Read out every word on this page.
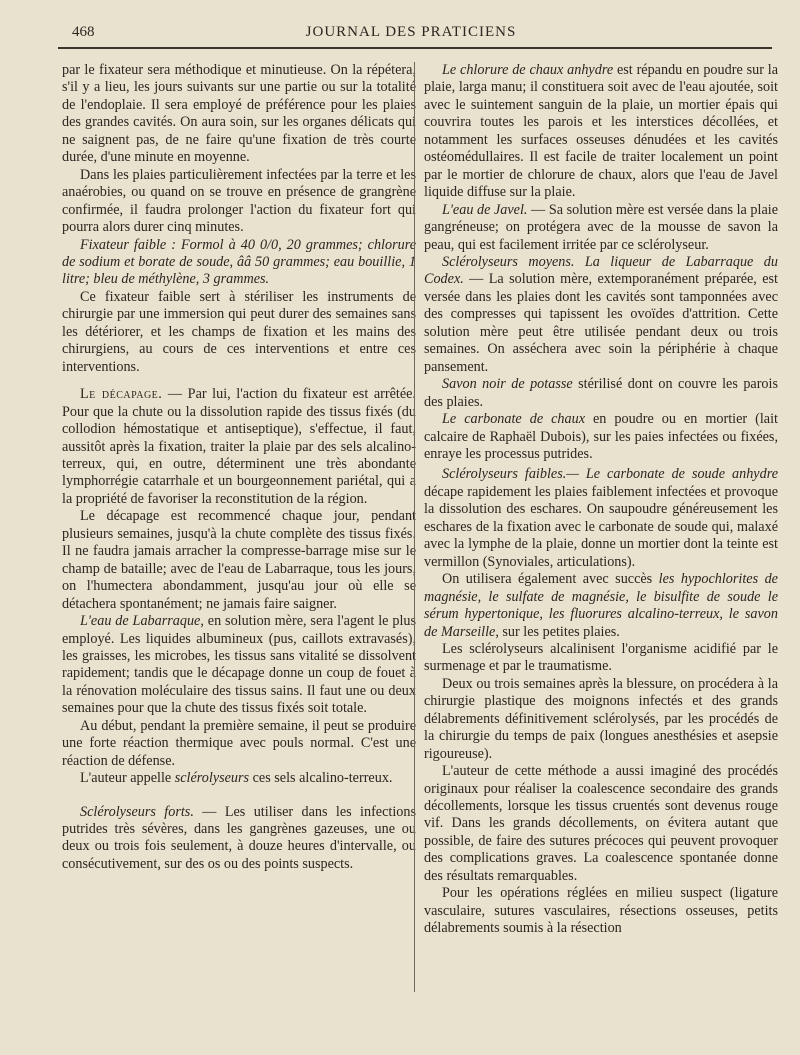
468	JOURNAL DES PRATICIENS

par le fixateur sera méthodique et minutieuse. On la répétera, s'il y a lieu, les jours suivants sur une partie ou sur la totalité de l'endoplaie. Il sera employé de préférence pour les plaies des grandes cavités. On aura soin, sur les organes délicats qui ne saignent pas, de ne faire qu'une fixation de très courte durée, d'une minute en moyenne.

Dans les plaies particulièrement infectées par la terre et les anaérobies, ou quand on se trouve en présence de grangrène confirmée, il faudra prolonger l'action du fixateur fort qui pourra alors durer cinq minutes.

Fixateur faible : Formol à 40 0/0, 20 grammes; chlorure de sodium et borate de soude, ââ 50 grammes; eau bouillie, 1 litre; bleu de méthylène, 3 grammes.

Ce fixateur faible sert à stériliser les instruments de chirurgie par une immersion qui peut durer des semaines sans les détériorer, et les champs de fixation et les mains des chirurgiens, au cours de ces interventions et entre ces interventions.

Le décapage. — Par lui, l'action du fixateur est arrêtée. Pour que la chute ou la dissolution rapide des tissus fixés (du collodion hémostatique et antiseptique), s'effectue, il faut, aussitôt après la fixation, traiter la plaie par des sels alcalino-terreux, qui, en outre, déterminent une très abondante lymphorrégie catarrhale et un bourgeonnement pariétal, qui a la propriété de favoriser la reconstitution de la région.

Le décapage est recommencé chaque jour, pendant plusieurs semaines, jusqu'à la chute complète des tissus fixés. Il ne faudra jamais arracher la compresse-barrage mise sur le champ de bataille; avec de l'eau de Labarraque, tous les jours, on l'humectera abondamment, jusqu'au jour où elle se détachera spontanément; ne jamais faire saigner.

L'eau de Labarraque, en solution mère, sera l'agent le plus employé. Les liquides albumineux (pus, caillots extravasés), les graisses, les microbes, les tissus sans vitalité se dissolvent rapidement; tandis que le décapage donne un coup de fouet à la rénovation moléculaire des tissus sains. Il faut une ou deux semaines pour que la chute des tissus fixés soit totale.

Au début, pendant la première semaine, il peut se produire une forte réaction thermique avec pouls normal. C'est une réaction de défense.

L'auteur appelle sclérolyseurs ces sels alcalino-terreux.

Sclérolyseurs forts. — Les utiliser dans les infections putrides très sévères, dans les gangrènes gazeuses, une ou deux ou trois fois seulement, à douze heures d'intervalle, ou consécutivement, sur des os ou des points suspects.

Le chlorure de chaux anhydre est répandu en poudre sur la plaie, larga manu; il constituera soit avec de l'eau ajoutée, soit avec le suintement sanguin de la plaie, un mortier épais qui couvrira toutes les parois et les interstices décollées, et notamment les surfaces osseuses dénudées et les cavités ostéomédullaires. Il est facile de traiter localement un point par le mortier de chlorure de chaux, alors que l'eau de Javel liquide diffuse sur la plaie.

L'eau de Javel. — Sa solution mère est versée dans la plaie gangréneuse; on protégera avec de la mousse de savon la peau, qui est facilement irritée par ce sclérolyseur.

Sclérolyseurs moyens. La liqueur de Labarraque du Codex. — La solution mère, extemporanément préparée, est versée dans les plaies dont les cavités sont tamponnées avec des compresses qui tapissent les ovoïdes d'attrition. Cette solution mère peut être utilisée pendant deux ou trois semaines. On asséchera avec soin la périphérie à chaque pansement.

Savon noir de potasse stérilisé dont on couvre les parois des plaies.

Le carbonate de chaux en poudre ou en mortier (lait calcaire de Raphaël Dubois), sur les paies infectées ou fixées, enraye les processus putrides.

Sclérolyseurs faibles.— Le carbonate de soude anhydre décape rapidement les plaies faiblement infectées et provoque la dissolution des eschares. On saupoudre généreusement les eschares de la fixation avec le carbonate de soude qui, malaxé avec la lymphe de la plaie, donne un mortier dont la teinte est vermillon (Synoviales, articulations).

On utilisera également avec succès les hypochlorites de magnésie, le sulfate de magnésie, le bisulfite de soude le sérum hypertonique, les fluorures alcalino-terreux, le savon de Marseille, sur les petites plaies.

Les sclérolyseurs alcalinisent l'organisme acidifié par le surmenage et par le traumatisme.

Deux ou trois semaines après la blessure, on procédera à la chirurgie plastique des moignons infectés et des grands délabrements définitivement sclérolysés, par les procédés de la chirurgie du temps de paix (longues anesthésies et asepsie rigoureuse).

L'auteur de cette méthode a aussi imaginé des procédés originaux pour réaliser la coalescence secondaire des grands décollements, lorsque les tissus cruentés sont devenus rouge vif. Dans les grands décollements, on évitera autant que possible, de faire des sutures précoces qui peuvent provoquer des complications graves. La coalescence spontanée donne des résultats remarquables.

Pour les opérations réglées en milieu suspect (ligature vasculaire, sutures vasculaires, résections osseuses, petits délabrements soumis à la résection
